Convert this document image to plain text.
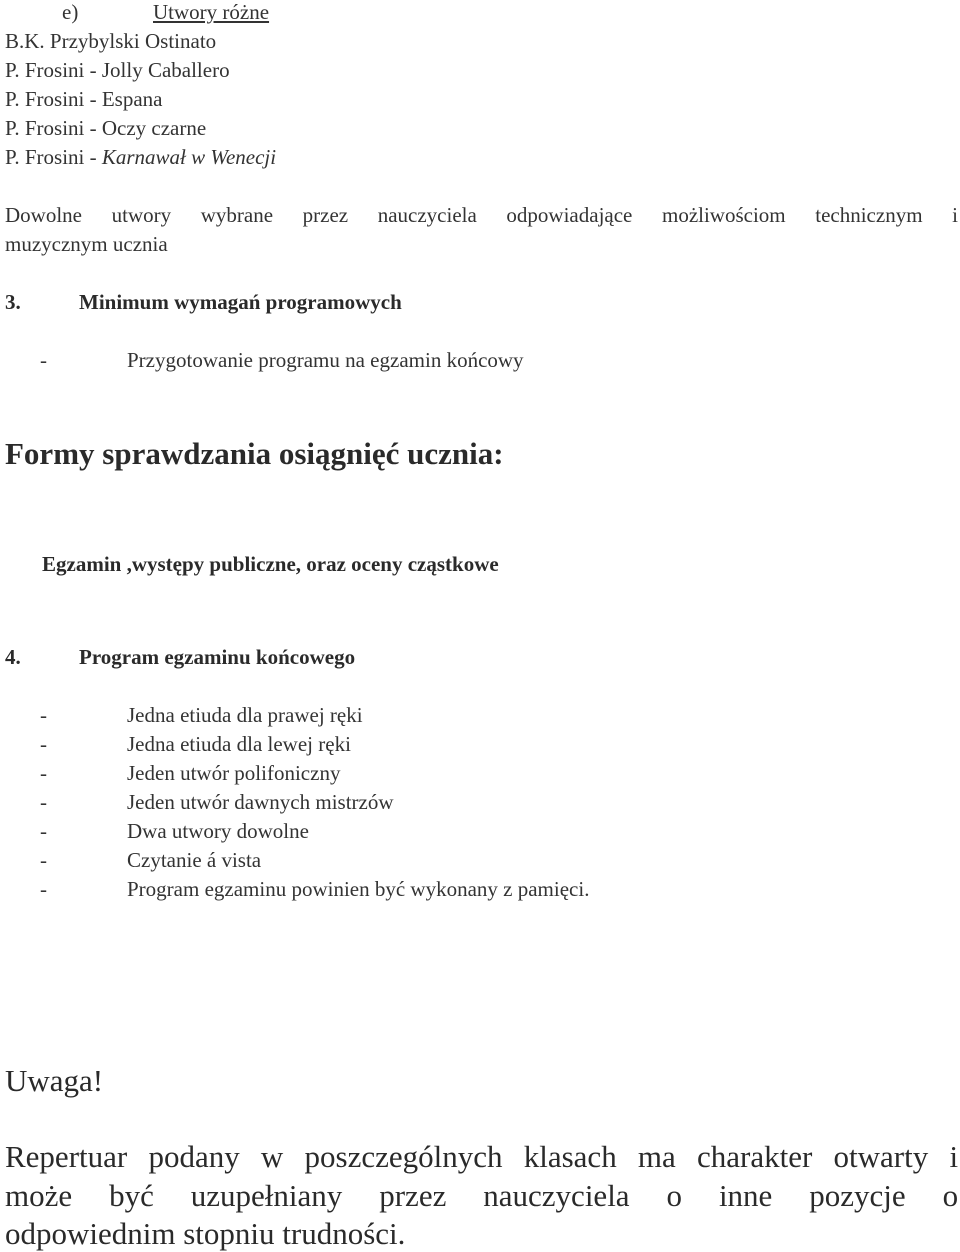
e)	Utwory różne
B.K. Przybylski Ostinato
P. Frosini - Jolly Caballero
P. Frosini - Espana
P. Frosini - Oczy czarne
P. Frosini - Karnawał w Wenecji
Dowolne utwory wybrane przez nauczyciela odpowiadające możliwościom technicznym i
muzycznym ucznia
3.	Minimum wymagań programowych
-	Przygotowanie programu na egzamin końcowy
Formy sprawdzania osiągnięć ucznia:
Egzamin ,występy publiczne, oraz oceny cząstkowe
4.	Program egzaminu końcowego
-	Jedna etiuda dla prawej ręki
-	Jedna etiuda dla lewej ręki
-	Jeden utwór polifoniczny
-	Jeden utwór dawnych mistrzów
-	Dwa utwory dowolne
-	Czytanie á vista
-	Program egzaminu powinien być wykonany z pamięci.
Uwaga!
Repertuar podany w poszczególnych klasach ma charakter otwarty i
może być uzupełniany przez nauczyciela o inne pozycje o
odpowiednim stopniu trudności.
